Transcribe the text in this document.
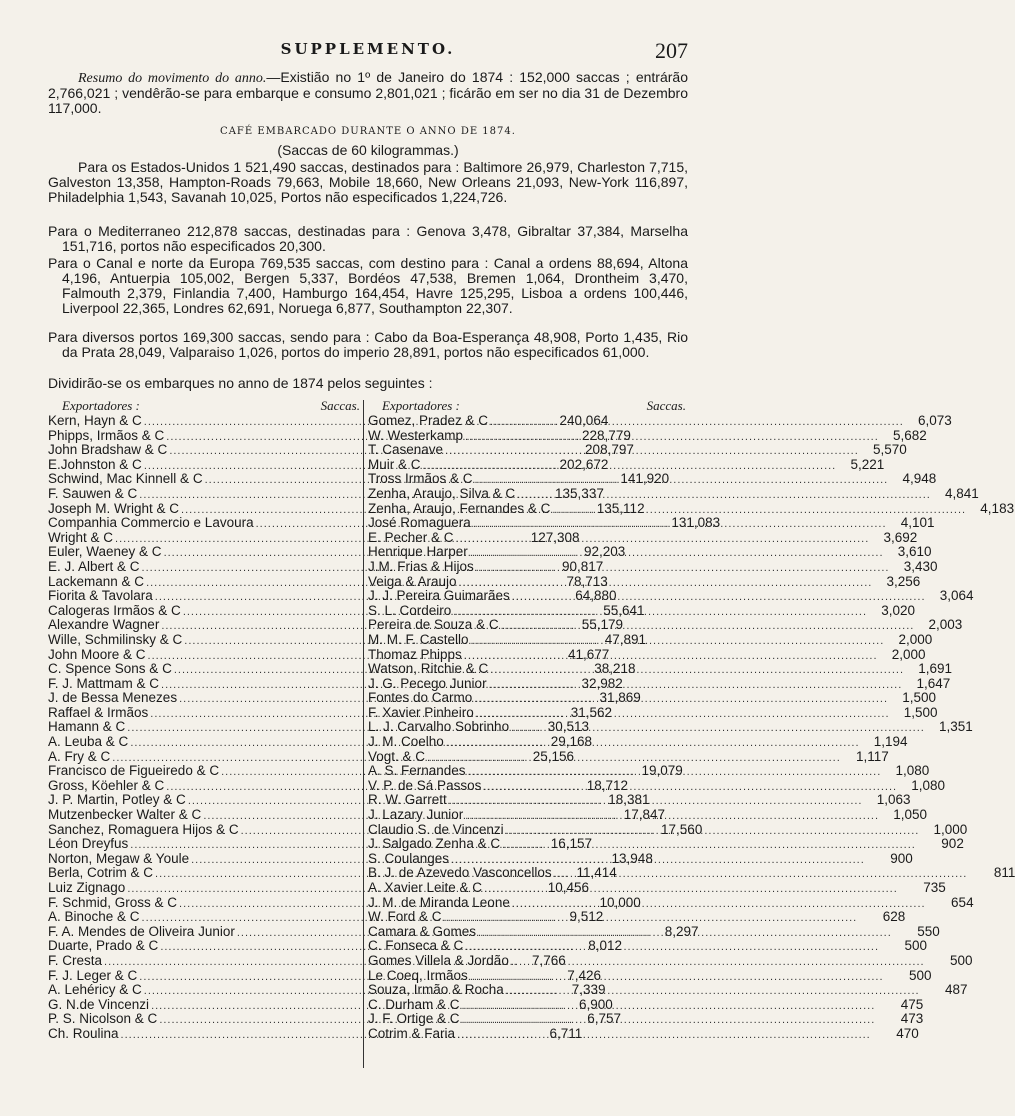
SUPPLEMENTO.	207
Resumo do movimento do anno.—Existião no 1º de Janeiro do 1874 : 152,000 saccas ; entrárão 2,766,021 ; vendêrão-se para embarque e consumo 2,801,021 ; ficárão em ser no dia 31 de Dezembro 117,000.
CAFÉ EMBARCADO DURANTE O ANNO DE 1874.
(Saccas de 60 kilogrammas.)
Para os Estados-Unidos 1 521,490 saccas, destinados para : Baltimore 26,979, Charleston 7,715, Galveston 13,358, Hampton-Roads 79,663, Mobile 18,660, New Orleans 21,093, New-York 116,897, Philadelphia 1,543, Savanah 10,025, Portos não especificados 1,224,726.
Para o Mediterraneo 212,878 saccas, destinadas para : Genova 3,478, Gibraltar 37,384, Marselha 151,716, portos não especificados 20,300.
Para o Canal e norte da Europa 769,535 saccas, com destino para : Canal a ordens 88,694, Altona 4,196, Antuerpia 105,002, Bergen 5,337, Bordéos 47,538, Bremen 1,064, Drontheim 3,470, Falmouth 2,379, Finlandia 7,400, Hamburgo 164,454, Havre 125,295, Lisboa a ordens 100,446, Liverpool 22,365, Londres 62,691, Noruega 6,877, Southampton 22,307.
Para diversos portos 169,300 saccas, sendo para : Cabo da Boa-Esperança 48,908, Porto 1,435, Rio da Prata 28,049, Valparaiso 1,026, portos do imperio 28,891, portos não especificados 61,000.
Dividirão-se os embarques no anno de 1874 pelos seguintes :
Exportadores :	Saccas.
Kern, Hayn & C .....	240,064
Phipps, Irmãos & C .....	228,779
John Bradshaw & C .....	208,797
E.Johnston & C .....	202,672
Schwind, Mac Kinnell & C .....	141,920
F. Sauwen & C .....	135,337
Joseph M. Wright & C .....	135,112
Companhia Commercio e Lavoura .....	131,083
Wright & C .....	127,308
Euler, Waeney & C .....	92,203
E. J. Albert & C .....	90,817
Lackemann & C .....	78,713
Fiorita & Tavolara .....	64,880
Calogeras Irmãos & C .....	55,641
Alexandre Wagner .....	55,179
Wille, Schmilinsky & C .....	47,891
John Moore & C .....	41,677
C. Spence Sons & C .....	38,218
F. J. Mattmam & C .....	32,982
J. de Bessa Menezes .....	31,869
Raffael & Irmãos .....	31,562
Hamann & C .....	30,513
A. Leuba & C .....	29,168
A. Fry & C .....	25,156
Francisco de Figueiredo & C .....	19,079
Gross, Köehler & C .....	18,712
J. P. Martin, Potley & C .....	18,381
Mutzenbecker Walter & C .....	17,847
Sanchez, Romaguera Hijos & C .....	17,560
Léon Dreyfus .....	16,157
Norton, Megaw & Youle .....	13,948
Berla, Cotrim & C .....	11,414
Luiz Zignago .....	10,456
F. Schmid, Gross & C .....	10,000
A. Binoche & C .....	9,512
F. A. Mendes de Oliveira Junior .....	8,297
Duarte, Prado & C .....	8,012
F. Cresta .....	7,766
F. J. Leger & C .....	7,426
A. Lehéricy & C .....	7,339
G. N.de Vincenzi .....	6,900
P. S. Nicolson & C .....	6,757
Ch. Roulina .....	6,711
Exportadores :	Saccas.
Gomez, Pradez & C .....	6,073
W. Westerkamp .....	5,682
T. Casenave .....	5,570
Muir & C .....	5,221
Tross Irmãos & C .....	4,948
Zenha, Araujo, Silva & C .....	4,841
Zenha, Araujo, Fernandes & C .....	4,183
José Romaguera .....	4,101
E. Pecher & C .....	3,692
Henrique Harper .....	3,610
J.M. Frias & Hijos .....	3,430
Veiga & Araujo .....	3,256
J. J. Pereira Guimarães .....	3,064
S. L. Cordeiro .....	3,020
Pereira de Souza & C .....	2,003
M. M. F. Castello .....	2,000
Thomaz Phipps .....	2,000
Watson, Ritchie & C .....	1,691
J. G. Pecego Junior .....	1,647
Fontes do Carmo .....	1,500
F. Xavier Pinheiro .....	1,500
L. J. Carvalho Sobrinho .....	1,351
J. M. Coelho .....	1,194
Vogt. & C .....	1,117
A. S. Fernandes .....	1,080
V. P. de Sá Passos .....	1,080
R. W. Garrett .....	1,063
J. Lazary Junior .....	1,050
Claudio S. de Vincenzi .....	1,000
J. Salgado Zenha & C .....	902
S. Coulanges .....	900
B. J. de Azevedo Vasconcellos .....	811
A. Xavier Leite & C .....	735
J. M. de Miranda Leone .....	654
W. Ford & C .....	628
Camara & Gomes .....	550
C. Fonseca & C .....	500
Gomes Villela & Jordão .....	500
Le Coeq, Irmãos .....	500
Souza, Irmão & Rocha .....	487
C. Durham & C .....	475
J. F. Ortige & C .....	473
Cotrim & Faria .....	470
